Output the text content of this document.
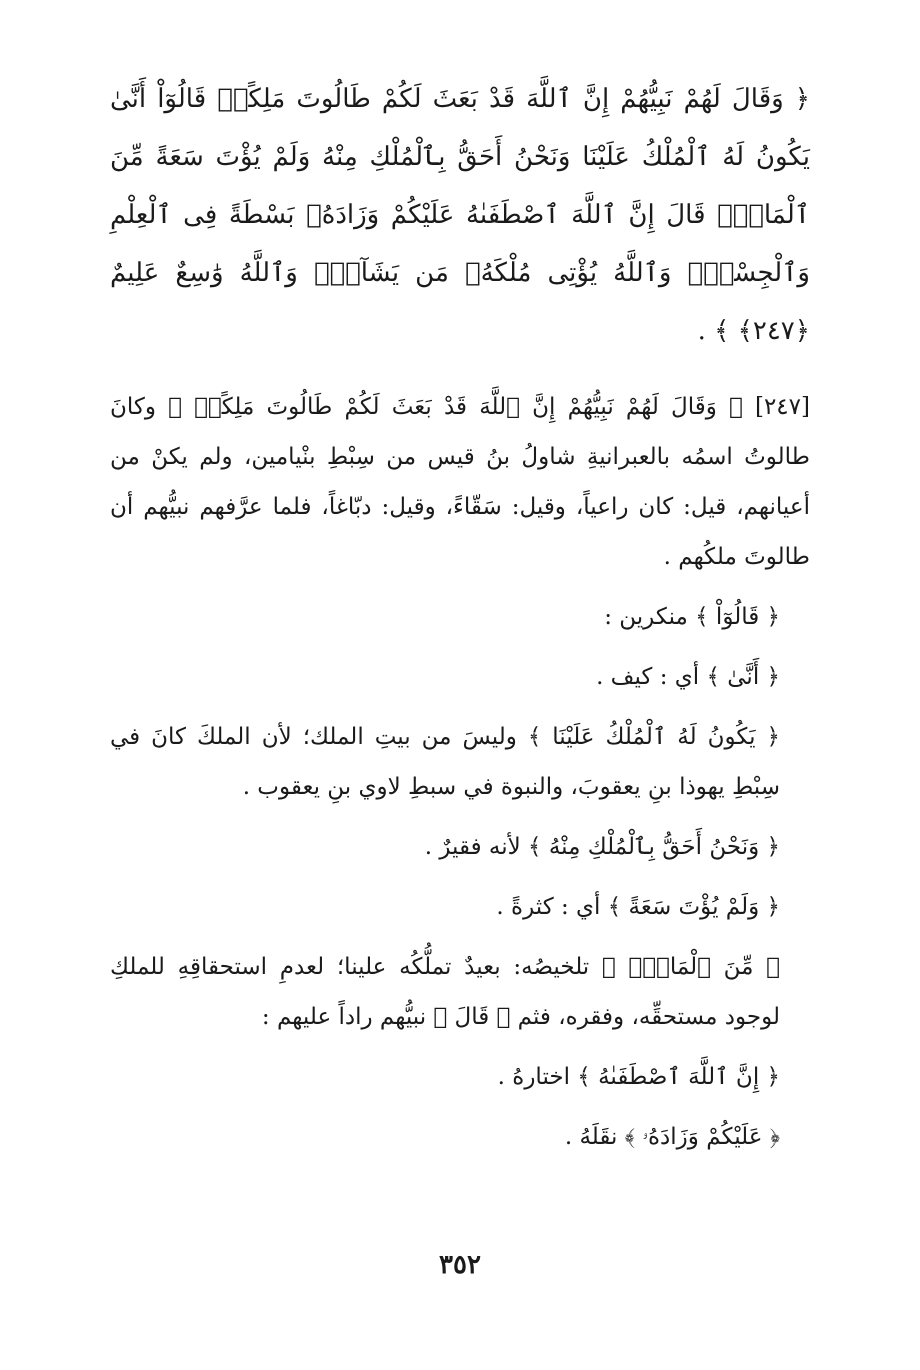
﴿ وَقَالَ لَهُمْ نَبِيُّهُمْ إِنَّ ٱللَّهَ قَدْ بَعَثَ لَكُمْ طَالُوتَ مَلِكًاۚ قَالُوٓاْ أَنَّىٰ يَكُونُ لَهُ ٱلْمُلْكُ عَلَيْنَا وَنَحْنُ أَحَقُّ بِٱلْمُلْكِ مِنْهُ وَلَمْ يُؤْتَ سَعَةً مِّنَ ٱلْمَالِۚ قَالَ إِنَّ ٱللَّهَ ٱصْطَفَىٰهُ عَلَيْكُمْ وَزَادَهُۥ بَسْطَةً فِى ٱلْعِلْمِ وَٱلْجِسْمِۖ وَٱللَّهُ يُؤْتِى مُلْكَهُۥ مَن يَشَآءُۚ وَٱللَّهُ وَٰسِعٌ عَلِيمٌ ﴿٢٤٧﴾ ﴾ .

[٢٤٧] ﴿ وَقَالَ لَهُمْ نَبِيُّهُمْ إِنَّ ٱللَّهَ قَدْ بَعَثَ لَكُمْ طَالُوتَ مَلِكًاۚ ﴾ وكانَ طالوتُ اسمُه بالعبرانيةِ شاولُ بنُ قيس من سِبْطِ بنْيامين، ولم يكنْ من أعيانهم، قيل: كان راعياً، وقيل: سَقّاءً، وقيل: دبّاغاً، فلما عرَّفهم نبيُّهم أن طالوتَ ملكُهم .

﴿ قَالُوٓاْ ﴾ منكرين :

﴿ أَنَّىٰ ﴾ أي : كيف .

﴿ يَكُونُ لَهُ ٱلْمُلْكُ عَلَيْنَا ﴾ وليسَ من بيتِ الملك؛ لأن الملكَ كانَ في سِبْطِ يهوذا بنِ يعقوبَ، والنبوة في سبطِ لاوي بنِ يعقوب .

﴿ وَنَحْنُ أَحَقُّ بِٱلْمُلْكِ مِنْهُ ﴾ لأنه فقيرٌ .

﴿ وَلَمْ يُؤْتَ سَعَةً ﴾ أي : كثرةً .

﴿ مِّنَ ٱلْمَالِۚ ﴾ تلخيصُه: بعيدٌ تملُّكُه علينا؛ لعدمِ استحقاقِهِ للملكِ لوجود مستحقِّه، وفقره، فثم ﴿ قَالَ ﴾ نبيُّهم راداً عليهم :

﴿ إِنَّ ٱللَّهَ ٱصْطَفَىٰهُ ﴾ اختارهُ .

﴿ عَلَيْكُمْ وَزَادَهُۥ ﴾ نقَلَهُ .

٣٥٢
